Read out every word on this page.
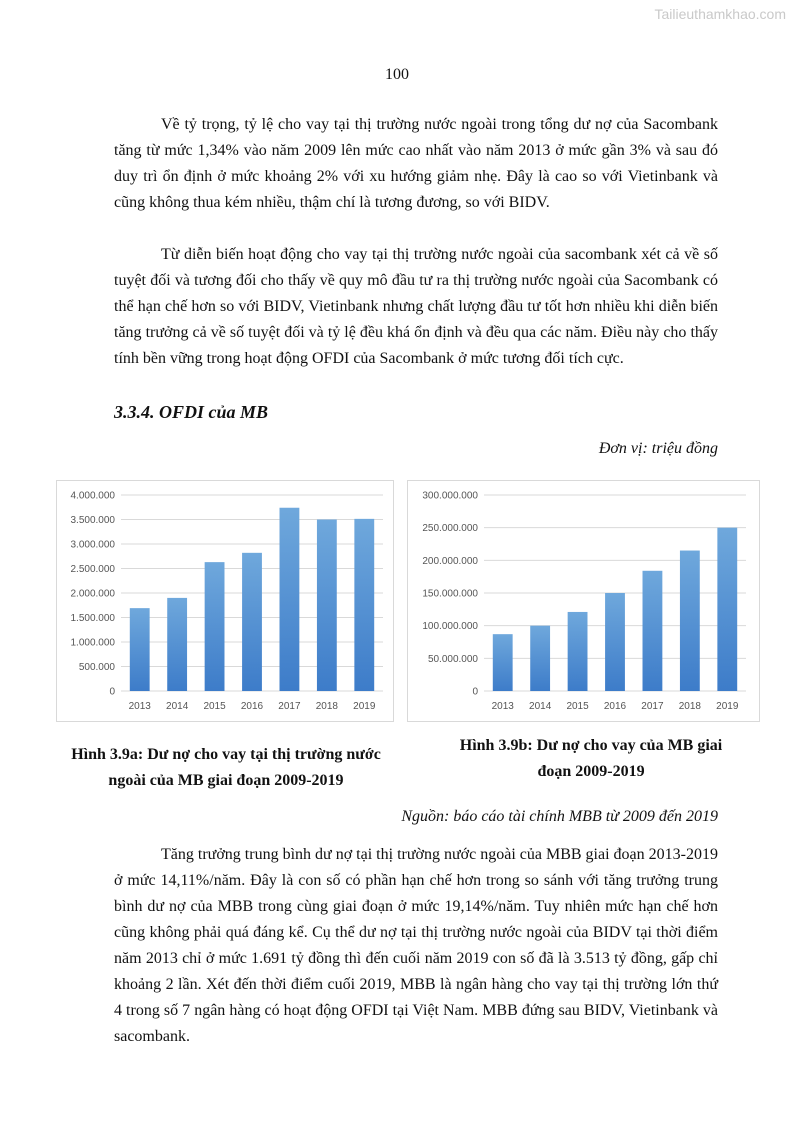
Tailieuthamkhao.com
100

Về tỷ trọng, tỷ lệ cho vay tại thị trường nước ngoài trong tổng dư nợ của Sacombank tăng từ mức 1,34% vào năm 2009 lên mức cao nhất vào năm 2013 ở mức gần 3% và sau đó duy trì ổn định ở mức khoảng 2% với xu hướng giảm nhẹ. Đây là cao so với Vietinbank và cũng không thua kém nhiều, thậm chí là tương đương, so với BIDV.

Từ diễn biến hoạt động cho vay tại thị trường nước ngoài của sacombank xét cả về số tuyệt đối và tương đối cho thấy về quy mô đầu tư ra thị trường nước ngoài của Sacombank có thể hạn chế hơn so với BIDV, Vietinbank nhưng chất lượng đầu tư tốt hơn nhiều khi diễn biến tăng trưởng cả về số tuyệt đối và tỷ lệ đều khá ổn định và đều qua các năm. Điều này cho thấy tính bền vững trong hoạt động OFDI của Sacombank ở mức tương đối tích cực.

3.3.4. OFDI của MB
Đơn vị: triệu đồng
0
500.000
1.000.000
1.500.000
2.000.000
2.500.000
3.000.000
3.500.000
4.000.000
2013 2014 2015 2016 2017 2018 2019
0
50.000.000
100.000.000
150.000.000
200.000.000
250.000.000
300.000.000
2013 2014 2015 2016 2017 2018 2019

Hình 3.9a: Dư nợ cho vay tại thị trường nước ngoài của MB giai đoạn 2009-2019

Hình 3.9b: Dư nợ cho vay của MB giai đoạn 2009-2019

Nguồn: báo cáo tài chính MBB từ 2009 đến 2019

Tăng trưởng trung bình dư nợ tại thị trường nước ngoài của MBB giai đoạn 2013-2019 ở mức 14,11%/năm. Đây là con số có phần hạn chế hơn trong so sánh với tăng trưởng trung bình dư nợ của MBB trong cùng giai đoạn ở mức 19,14%/năm. Tuy nhiên mức hạn chế hơn cũng không phải quá đáng kể. Cụ thể dư nợ tại thị trường nước ngoài của BIDV tại thời điểm năm 2013 chỉ ở mức 1.691 tỷ đồng thì đến cuối năm 2019 con số đã là 3.513 tỷ đồng, gấp chỉ khoảng 2 lần. Xét đến thời điểm cuối 2019, MBB là ngân hàng cho vay tại thị trường lớn thứ 4 trong số 7 ngân hàng có hoạt động OFDI tại Việt Nam. MBB đứng sau BIDV, Vietinbank và sacombank.
